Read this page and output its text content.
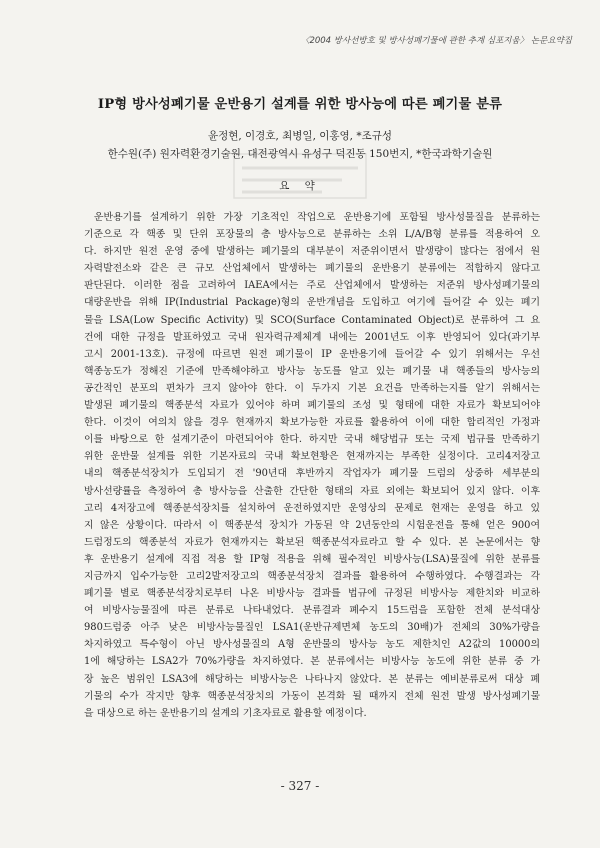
〈2004 방사선방호 및 방사성폐기물에 관한 추계 심포지움〉 논문요약집
IP형 방사성폐기물 운반용기 설계를 위한 방사능에 따른 폐기물 분류
윤정현, 이경호, 최병일, 이홍영, *조규성
한수원(주) 원자력환경기술원, 대전광역시 유성구 덕진동 150번지, *한국과학기술원
요 약
운반용기를 설계하기 위한 가장 기초적인 작업으로 운반용기에 포함될 방사성물질을 분류하는
기준으로 각 핵종 및 단위 포장물의 총 방사능으로 분류하는 소위 L/A/B형 분류를 적용하여 오
다. 하지만 원전 운영 중에 발생하는 폐기물의 대부분이 저준위이면서 발생량이 많다는 점에서 원
자력발전소와 같은 큰 규모 산업체에서 발생하는 폐기물의 운반용기 분류에는 적합하지 않다고
판단된다. 이러한 점을 고려하여 IAEA에서는 주로 산업체에서 발생하는 저준위 방사성폐기물의
대량운반을 위해 IP(Industrial Package)형의 운반개념을 도입하고 여기에 들어갈 수 있는 폐기
물을 LSA(Low Specific Activity) 및 SCO(Surface Contaminated Object)로 분류하여 그 요
건에 대한 규정을 발표하였고 국내 원자력규제체계 내에는 2001년도 이후 반영되어 있다(과기부
고시 2001-13호). 규정에 따르면 원전 폐기물이 IP 운반용기에 들어갈 수 있기 위해서는 우선
핵종농도가 정해진 기준에 만족해야하고 방사능 농도를 알고 있는 폐기물 내 핵종들의 방사능의
공간적인 분포의 편차가 크지 않아야 한다. 이 두가지 기본 요건을 만족하는지를 알기 위해서는
발생된 폐기물의 핵종분석 자료가 있어야 하며 폐기물의 조성 및 형태에 대한 자료가 확보되어야
한다. 이것이 여의치 않을 경우 현재까지 확보가능한 자료를 활용하여 이에 대한 합리적인 가정과
이를 바탕으로 한 설계기준이 마련되어야 한다. 하지만 국내 해당법규 또는 국제 법규를 만족하기
위한 운반물 설계를 위한 기본자료의 국내 확보현황은 현재까지는 부족한 실정이다. 고리4저장고
내의 핵종분석장치가 도입되기 전 '90년대 후반까지 작업자가 폐기물 드럼의 상중하 세부분의
방사선량률을 측정하여 총 방사능을 산출한 간단한 형태의 자료 외에는 확보되어 있지 않다. 이후
고리 4저장고에 핵종분석장치를 설치하여 운전하였지만 운영상의 문제로 현재는 운영을 하고 있
지 않은 상황이다. 따라서 이 핵종분석 장치가 가동된 약 2년동안의 시험운전을 통해 얻은 900여
드럼정도의 핵종분석 자료가 현재까지는 확보된 핵종분석자료라고 할 수 있다. 본 논문에서는 향
후 운반용기 설계에 직접 적용 할 IP형 적용을 위해 필수적인 비방사능(LSA)물질에 위한 분류를
지금까지 입수가능한 고리2발저장고의 핵종분석장치 결과를 활용하여 수행하였다. 수행결과는 각
폐기물 별로 핵종분석장치로부터 나온 비방사능 결과를 법규에 규정된 비방사능 제한치와 비교하
여 비방사능물질에 따른 분류로 나타내었다. 분류결과 폐수지 15드럼을 포함한 전체 분석대상
980드럼중 아주 낮은 비방사능물질인 LSA1(운반규제면체 농도의 30배)가 전체의 30%가량을
차지하였고 특수형이 아닌 방사성물질의 A형 운반물의 방사능 농도 제한치인 A2값의 10000의
1에 해당하는 LSA2가 70%가량을 차지하였다. 본 분류에서는 비방사능 농도에 위한 분류 중 가
장 높은 범위인 LSA3에 해당하는 비방사능은 나타나지 않았다. 본 분류는 예비분류로써 대상 폐
기물의 수가 작지만 향후 핵종분석장치의 가동이 본격화 될 때까지 전체 원전 발생 방사성폐기물
을 대상으로 하는 운반용기의 설계의 기초자료로 활용할 예정이다.
- 327 -
